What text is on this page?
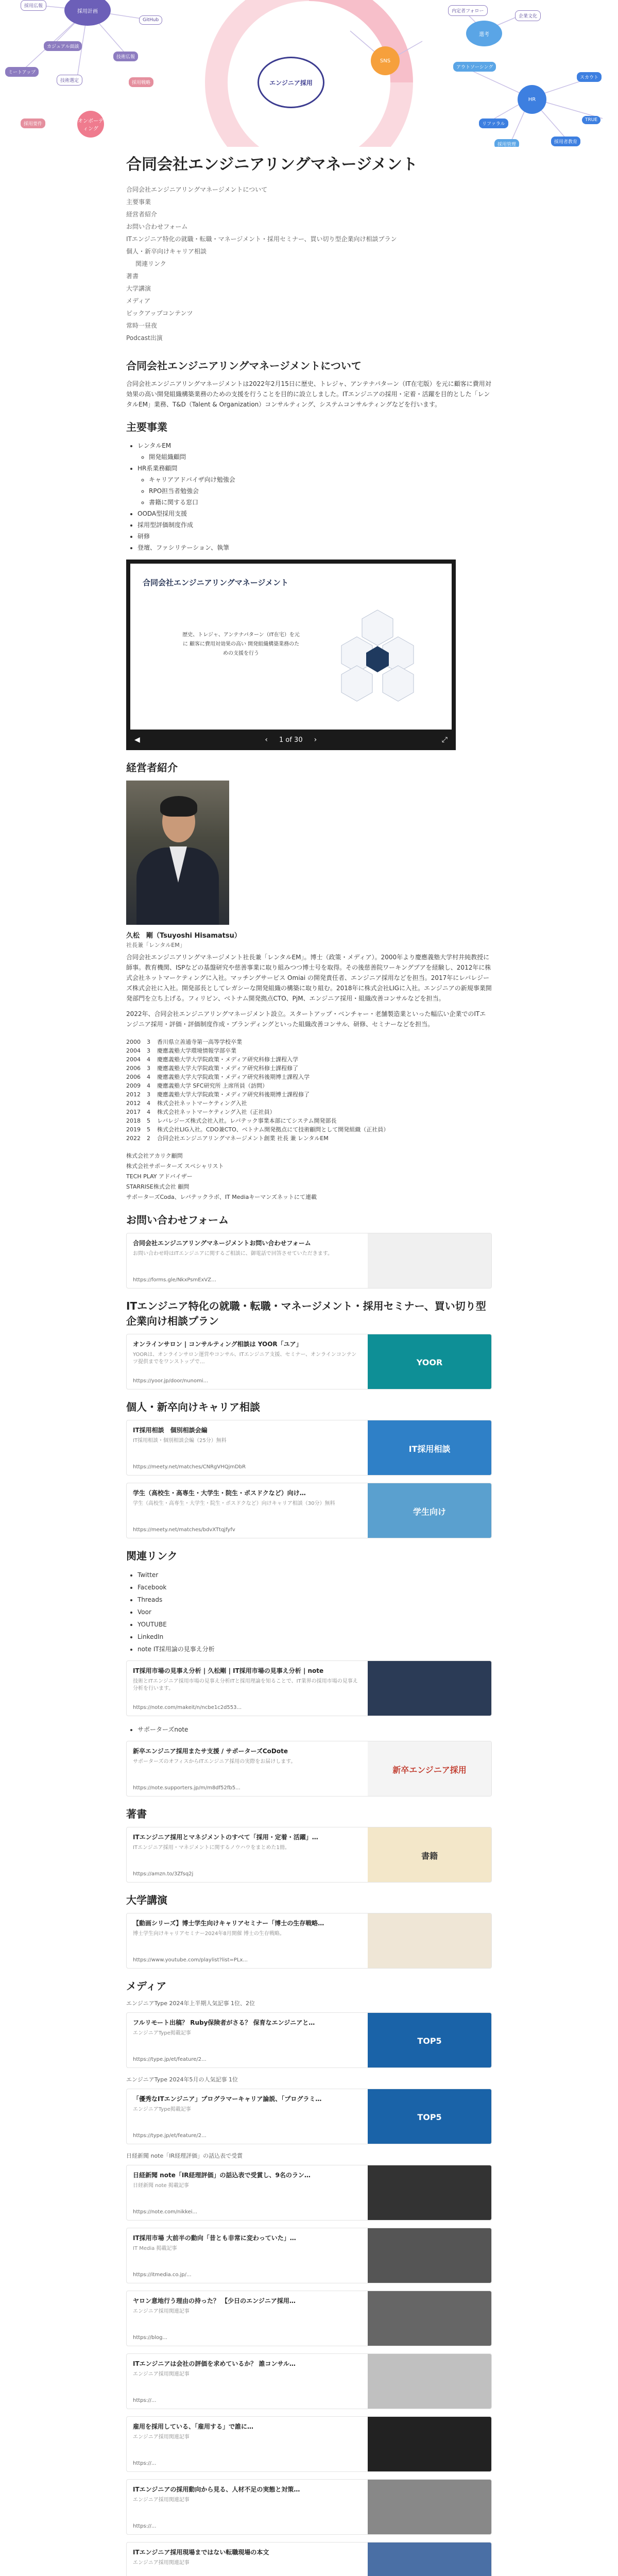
採用計画
エンジニア採用
SNS
選考
HR
オンボーディング
採用広報
カジュアル面談
技術広報
GitHub
ミートアップ
技術選定	採用戦略
採用要件
アウトソーシング
リファラル
スカウト
TRUE
採用者教育
内定者フォロー
企業文化
採用管理
合同会社エンジニアリングマネージメント
合同会社エンジニアリングマネージメントについて
主要事業
経営者紹介
お問い合わせフォーム
ITエンジニア特化の就職・転職・マネージメント・採用セミナー、買い切り型企業向け相談プラン
個人・新卒向けキャリア相談
関連リンク
著書
大学講演
メディア
ピックアップコンテンツ
常時一昼夜
Podcast出演
合同会社エンジニアリングマネージメントについて

合同会社エンジニアリングマネージメントは2022年2月15日に歴史、トレジャ、アンテナパターン（IT在宅版）を元に顧客に費用対効果の高い開発組織構築業務のための支援を行うことを目的に設立しました。ITエンジニアの採用・定着・活躍を目的とした「レンタルEM」業務、T&D（Talent & Organization）コンサルティング、システムコンサルティングなどを行います。

主要事業
• レンタルEM
◦ 開発組織顧問
• HR系業務顧問
◦ キャリアアドバイザ向け勉強会
◦ RPO担当者勉強会
◦ 書籍に関する窓口
• OODA型採用支援
• 採用型評価制度作成
• 研修
• 登壇、ファシリテーション、執筆
合同会社エンジニアリングマネージメント
歴史、トレジャ、アンテナパターン（IT在宅）を元に 顧客に費用対効果の高い 開発組織構築業務のための支援を行う
◀	‹ 1 of 30 ›	⤢
経営者紹介
久松　剛（Tsuyoshi Hisamatsu）
社長兼「レンタルEM」

合同会社エンジニアリングマネージメント社長兼「レンタルEM」。博士（政策・メディア）。2000年より慶應義塾大学村井純教授に師事。教育機関、ISPなどの基盤研究や慈善事業に取り組みつつ博士号を取得。その後慈善院ワーキングプアを経験し、2012年に株式会社ネットマーケティングに入社。マッチングサービス Omiai の開発責任者、エンジニア採用などを担当。2017年にレバレジーズ株式会社に入社。開発部長としてレガシーな開発組織の構築に取り組む。2018年に株式会社LIGに入社。エンジニアの新規事業開発部門を立ち上げる。フィリピン、ベトナム開発拠点CTO、PjM、エンジニア採用・組織改善コンサルなどを担当。

2022年、合同会社エンジニアリングマネージメント設立。スタートアップ・ベンチャー・老舗製造業といった幅広い企業でのITエンジニア採用・評価・評価制度作成・ブランディングといった組織改善コンサル、研修、セミナーなどを担当。

2000 3 香川県立善通寺第一高等学校卒業
2004 3 慶應義塾大学環境情報学部卒業
2004 4 慶應義塾大学大学院政策・メディア研究科修士課程入学
2006 3 慶應義塾大学大学院政策・メディア研究科修士課程修了
2006 4 慶應義塾大学大学院政策・メディア研究科後期博士課程入学
2009 4 慶應義塾大学 SFC研究所 上席所員（訪問）
2012 3 慶應義塾大学大学院政策・メディア研究科後期博士課程修了
2012 4 株式会社ネットマーケティング入社
2017 4 株式会社ネットマーケティング入社（正社員）
2018 5 レバレジーズ株式会社入社。レバテック事業本部にてシステム開発部長
2019 5 株式会社LIG入社。CDO兼CTO、ベトナム開発拠点にて技術顧問として開発組織（正社員）
2022 2 合同会社エンジニアリングマネージメント創業 社長 兼 レンタルEM
株式会社アカリク顧問
株式会社サポーターズ スペシャリスト
TECH PLAY アドバイザー
STARRISE株式会社 顧問
サポーターズCoda、レバテックラボ、IT Mediaキーマンズネットにて連載
お問い合わせフォーム
合同会社エンジニアリングマネージメントお問い合わせフォーム
お問い合わせ時はITエンジニアに関するご相談に、御電話で回答させていただきます。
https://forms.gle/NkxPsmExVZ…
ITエンジニア特化の就職・転職・マネージメント・採用セミナー、買い切り型企業向け相談プラン
オンラインサロン | コンサルティング相談は YOOR「ユア」
YOORは、オンラインサロン運営やコンサル、ITエンジニア支援、セミナー、オンラインコンテンツ提供までをワンストップで…
https://yoor.jp/door/nunomi...
YOOR
個人・新卒向けキャリア相談
IT採用相談　個別相談会編
IT採用相談・個別相談会編（25分）無料
https://meety.net/matches/CNRgVHQjmDbR
IT採用相談
学生（高校生・高専生・大学生・院生・ポスドクなど）向け…
学生（高校生・高専生・大学生・院生・ポスドクなど）向けキャリア相談（30分）無料
https://meety.net/matches/bdvXTtqjfyfv
学生向け
関連リンク
• Twitter
• Facebook
• Threads
• Voor
• YOUTUBE
• LinkedIn
• note IT採用論の見事え分析
IT採用市場の見事え分析 | 久松剛 | IT採用市場の見事え分析 | note
技術とITエンジニア採用市場の見事え分析ITと採用理論を知ることで、IT業界の採用市場の見事え分析を行います。
https://note.com/makeit/n/ncbe1c2d553...
• サポーターズnote
新卒エンジニア採用またサ支援 / サポーターズCoDote
サポーターズのオフィスからITエンジニア採用の実際をお届けします。
https://note.supporters.jp/m/m8df52fb5...
新卒エンジニア採用
著書
ITエンジニア採用とマネジメントのすべて「採用・定着・活躍」…
ITエンジニア採用・マネジメントに関するノウハウをまとめた1冊。
https://amzn.to/3Zfsq2j
書籍
大学講演
【動画シリーズ】博士学生向けキャリアセミナー「博士の生存戦略…
博士学生向けキャリアセミナー2024年8月開催 博士の生存戦略。
https://www.youtube.com/playlist?list=PLx...
メディア
エンジニアType 2024年上半期人気記事 1位、2位
フルリモート出稿？ Ruby保険者がさる？ 保育なエンジニアと…
エンジニアType掲載記事
https://type.jp/et/feature/2...
TOP5
エンジニアType 2024年5月の人気記事 1位
「優秀なITエンジニア」プログラマーキャリア論説、「プログラミ…
エンジニアType掲載記事
https://type.jp/et/feature/2...
TOP5
日経新聞 note「IR経理評価」の話込表で受賞
日経新聞 note「IR経理評価」の話込表で受賞し、9名のラン…
日経新聞 note 掲載記事
https://note.com/nikkei...
IT採用市場 大前半の動向「昔とも非常に変わっていた」…
IT Media 掲載記事
https://itmedia.co.jp/...
ヤロン意地行う理由の持った？ 【少日のエンジニア採用…
エンジニア採用関連記事
https://blog...
ITエンジニアは会社の評価を求めているか？ 誰コンサル…
エンジニア採用関連記事
https://...
雇用を採用している、「雇用する」で誰に…
エンジニア採用関連記事
https://...
ITエンジニアの採用動向から見る、人材不足の実態と対策…
エンジニア採用関連記事
https://...
ITエンジニア採用現場まではない転職現場の本文
エンジニア採用関連記事
